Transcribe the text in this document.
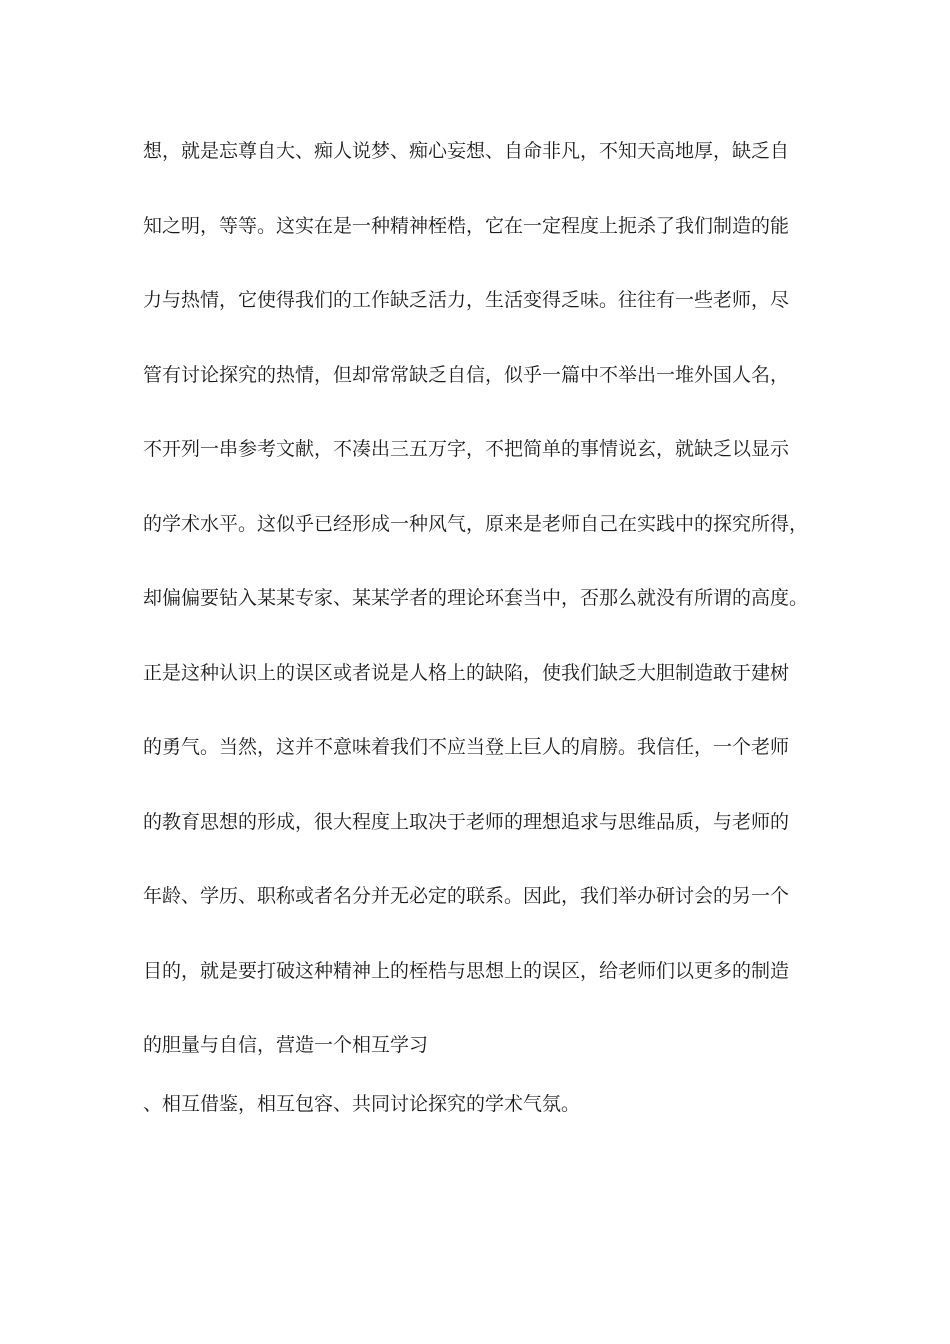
想，就是忘尊自大、痴人说梦、痴心妄想、自命非凡，不知天高地厚，缺乏自
知之明，等等。这实在是一种精神桎梏，它在一定程度上扼杀了我们制造的能
力与热情，它使得我们的工作缺乏活力，生活变得乏味。往往有一些老师，尽
管有讨论探究的热情，但却常常缺乏自信，似乎一篇中不举出一堆外国人名，
不开列一串参考文献，不凑出三五万字，不把简单的事情说玄，就缺乏以显示
的学术水平。这似乎已经形成一种风气，原来是老师自己在实践中的探究所得，
却偏偏要钻入某某专家、某某学者的理论环套当中，否那么就没有所谓的高度。
正是这种认识上的误区或者说是人格上的缺陷，使我们缺乏大胆制造敢于建树
的勇气。当然，这并不意味着我们不应当登上巨人的肩膀。我信任，一个老师
的教育思想的形成，很大程度上取决于老师的理想追求与思维品质，与老师的
年龄、学历、职称或者名分并无必定的联系。因此，我们举办研讨会的另一个
目的，就是要打破这种精神上的桎梏与思想上的误区，给老师们以更多的制造
的胆量与自信，营造一个相互学习
、相互借鉴，相互包容、共同讨论探究的学术气氛。
